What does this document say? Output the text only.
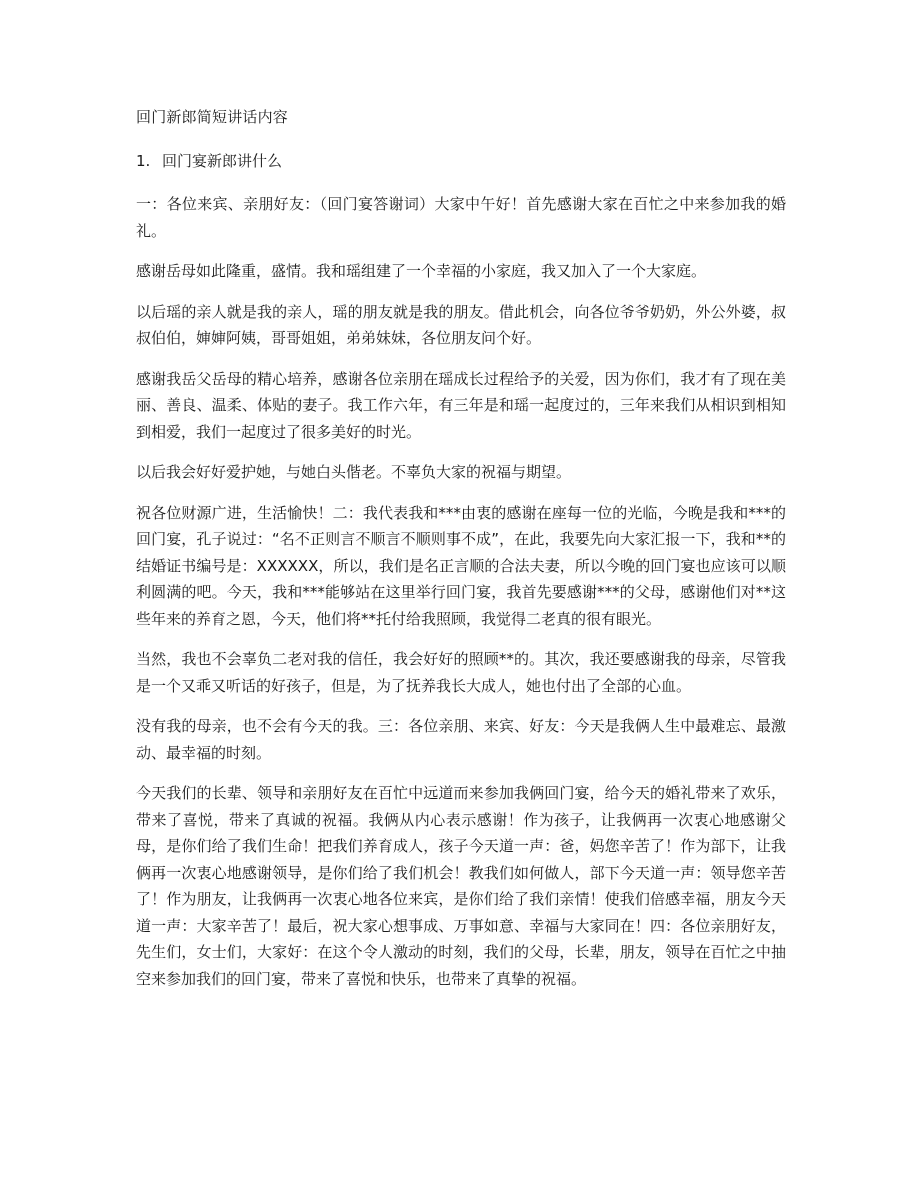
回门新郎简短讲话内容
1. 回门宴新郎讲什么

一：各位来宾、亲朋好友：（回门宴答谢词）大家中午好！首先感谢大家在百忙之中来参加我的婚礼。

感谢岳母如此隆重，盛情。我和瑶组建了一个幸福的小家庭，我又加入了一个大家庭。

以后瑶的亲人就是我的亲人，瑶的朋友就是我的朋友。借此机会，向各位爷爷奶奶，外公外婆，叔叔伯伯，婶婶阿姨，哥哥姐姐，弟弟妹妹，各位朋友问个好。

感谢我岳父岳母的精心培养，感谢各位亲朋在瑶成长过程给予的关爱，因为你们，我才有了现在美丽、善良、温柔、体贴的妻子。我工作六年，有三年是和瑶一起度过的，三年来我们从相识到相知到相爱，我们一起度过了很多美好的时光。

以后我会好好爱护她，与她白头偕老。不辜负大家的祝福与期望。

祝各位财源广进，生活愉快！二：我代表我和***由衷的感谢在座每一位的光临，今晚是我和***的回门宴，孔子说过：“名不正则言不顺言不顺则事不成”，在此，我要先向大家汇报一下，我和**的结婚证书编号是：XXXXXX，所以，我们是名正言顺的合法夫妻，所以今晚的回门宴也应该可以顺利圆满的吧。今天，我和***能够站在这里举行回门宴，我首先要感谢***的父母，感谢他们对**这些年来的养育之恩，今天，他们将**托付给我照顾，我觉得二老真的很有眼光。

当然，我也不会辜负二老对我的信任，我会好好的照顾**的。其次，我还要感谢我的母亲，尽管我是一个又乖又听话的好孩子，但是，为了抚养我长大成人，她也付出了全部的心血。

没有我的母亲，也不会有今天的我。三：各位亲朋、来宾、好友：今天是我俩人生中最难忘、最激动、最幸福的时刻。

今天我们的长辈、领导和亲朋好友在百忙中远道而来参加我俩回门宴，给今天的婚礼带来了欢乐，带来了喜悦，带来了真诚的祝福。我俩从内心表示感谢！作为孩子，让我俩再一次衷心地感谢父母，是你们给了我们生命！把我们养育成人，孩子今天道一声：爸，妈您辛苦了！作为部下，让我俩再一次衷心地感谢领导，是你们给了我们机会！教我们如何做人，部下今天道一声：领导您辛苦了！作为朋友，让我俩再一次衷心地各位来宾，是你们给了我们亲情！使我们倍感幸福，朋友今天道一声：大家辛苦了！最后，祝大家心想事成、万事如意、幸福与大家同在！四：各位亲朋好友，先生们，女士们，大家好：在这个令人激动的时刻，我们的父母，长辈，朋友，领导在百忙之中抽空来参加我们的回门宴，带来了喜悦和快乐，也带来了真挚的祝福。
